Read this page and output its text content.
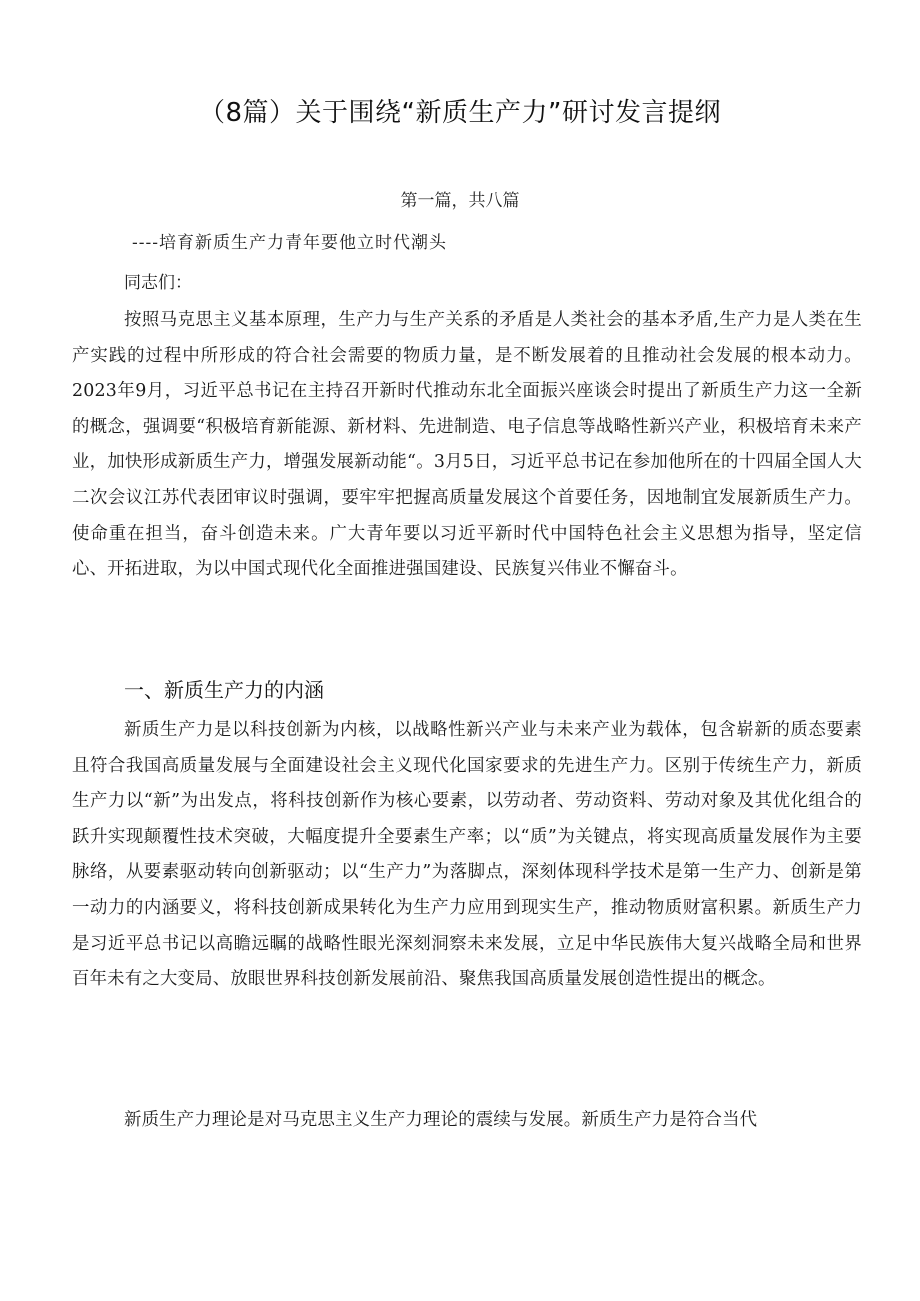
（8篇）关于围绕“新质生产力”研讨发言提纲
第一篇，共八篇
----培育新质生产力青年要他立时代潮头
同志们：

按照马克思主义基本原理，生产力与生产关系的矛盾是人类社会的基本矛盾,生产力是人类在生产实践的过程中所形成的符合社会需要的物质力量，是不断发展着的且推动社会发展的根本动力。2023年9月，习近平总书记在主持召开新时代推动东北全面振兴座谈会时提出了新质生产力这一全新的概念，强调要“积极培育新能源、新材料、先进制造、电子信息等战略性新兴产业，积极培育未来产业，加快形成新质生产力，增强发展新动能“。3月5日，习近平总书记在参加他所在的十四届全国人大二次会议江苏代表团审议时强调，要牢牢把握高质量发展这个首要任务，因地制宜发展新质生产力。使命重在担当，奋斗创造未来。广大青年要以习近平新时代中国特色社会主义思想为指导，坚定信心、开拓进取，为以中国式现代化全面推进强国建设、民族复兴伟业不懈奋斗。

一、新质生产力的内涵

新质生产力是以科技创新为内核，以战略性新兴产业与未来产业为载体，包含崭新的质态要素且符合我国高质量发展与全面建设社会主义现代化国家要求的先进生产力。区别于传统生产力，新质生产力以“新”为出发点，将科技创新作为核心要素，以劳动者、劳动资料、劳动对象及其优化组合的跃升实现颠覆性技术突破，大幅度提升全要素生产率；以“质”为关键点，将实现高质量发展作为主要脉络，从要素驱动转向创新驱动；以“生产力”为落脚点，深刻体现科学技术是第一生产力、创新是第一动力的内涵要义，将科技创新成果转化为生产力应用到现实生产，推动物质财富积累。新质生产力是习近平总书记以高瞻远瞩的战略性眼光深刻洞察未来发展，立足中华民族伟大复兴战略全局和世界百年未有之大变局、放眼世界科技创新发展前沿、聚焦我国高质量发展创造性提出的概念。

新质生产力理论是对马克思主义生产力理论的震续与发展。新质生产力是符合当代
